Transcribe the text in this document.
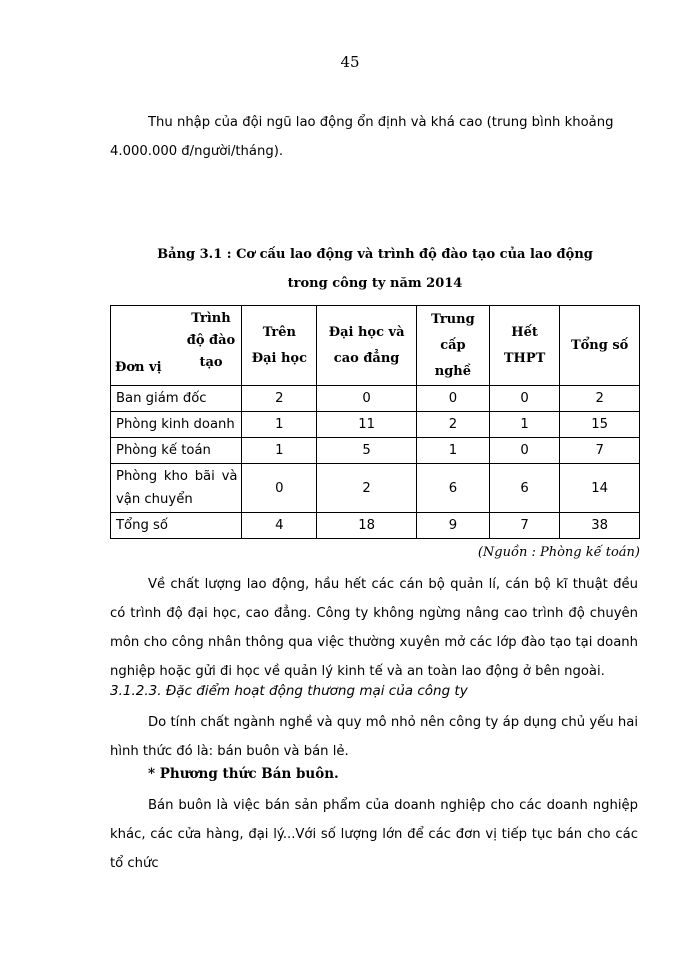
45
Thu nhập của đội ngũ lao động ổn định và khá cao (trung bình khoảng
4.000.000 đ/người/tháng).
Bảng 3.1 : Cơ cấu lao động và trình độ đào tạo của lao động
trong công ty năm 2014
Trình độ đào tạo
Đơn vị	Trên Đại học	Đại học và cao đẳng	Trung cấp nghề	Hết THPT	Tổng số
Ban giám đốc	2	0	0	0	2
Phòng kinh doanh	1	11	2	1	15
Phòng kế toán	1	5	1	0	7
Phòng kho bãi và vận chuyển	0	2	6	6	14
Tổng số	4	18	9	7	38
(Nguồn : Phòng kế toán)
Về chất lượng lao động, hầu hết các cán bộ quản lí, cán bộ kĩ thuật đều có trình độ đại học, cao đẳng. Công ty không ngừng nâng cao trình độ chuyên môn cho công nhân thông qua việc thường xuyên mở các lớp đào tạo tại doanh nghiệp hoặc gửi đi học về quản lý kinh tế và an toàn lao động ở bên ngoài.
3.1.2.3. Đặc điểm hoạt động thương mại của công ty
Do tính chất ngành nghề và quy mô nhỏ nên công ty áp dụng chủ yếu hai hình thức đó là: bán buôn và bán lẻ.
* Phương thức Bán buôn.
Bán buôn là việc bán sản phẩm của doanh nghiệp cho các doanh nghiệp khác, các cửa hàng, đại lý...Với số lượng lớn để các đơn vị tiếp tục bán cho các tổ chức
